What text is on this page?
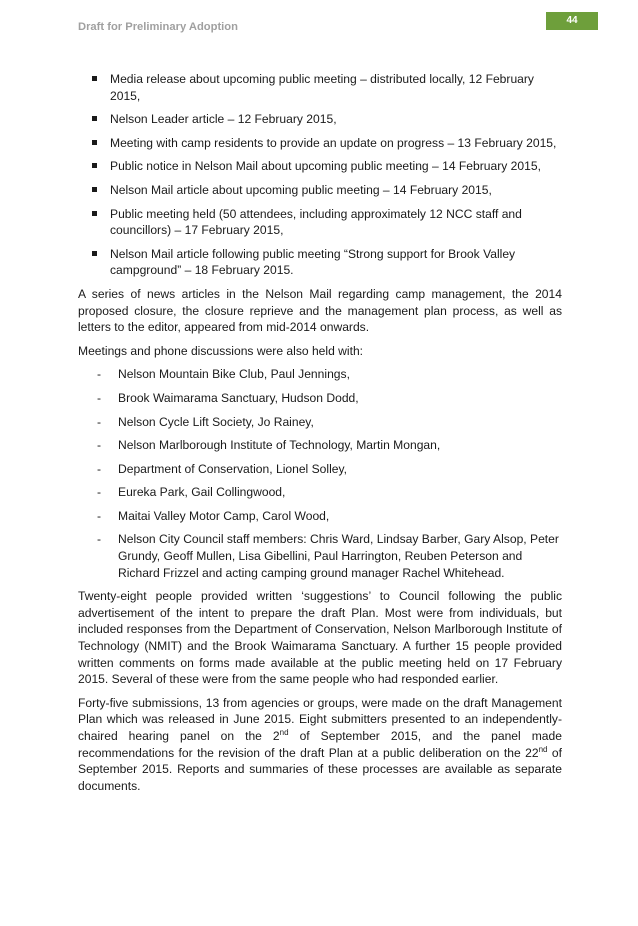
Draft for Preliminary Adoption
44
Media release about upcoming public meeting – distributed locally, 12 February 2015,
Nelson Leader article – 12 February 2015,
Meeting with camp residents to provide an update on progress – 13 February 2015,
Public notice in Nelson Mail about upcoming public meeting – 14 February 2015,
Nelson Mail article about upcoming public meeting – 14 February 2015,
Public meeting held (50 attendees, including approximately 12 NCC staff and councillors) – 17 February 2015,
Nelson Mail article following public meeting “Strong support for Brook Valley campground” – 18 February 2015.

A series of news articles in the Nelson Mail regarding camp management, the 2014 proposed closure, the closure reprieve and the management plan process, as well as letters to the editor, appeared from mid-2014 onwards.

Meetings and phone discussions were also held with:

- Nelson Mountain Bike Club, Paul Jennings,
- Brook Waimarama Sanctuary, Hudson Dodd,
- Nelson Cycle Lift Society, Jo Rainey,
- Nelson Marlborough Institute of Technology, Martin Mongan,
- Department of Conservation, Lionel Solley,
- Eureka Park, Gail Collingwood,
- Maitai Valley Motor Camp, Carol Wood,
- Nelson City Council staff members: Chris Ward, Lindsay Barber, Gary Alsop, Peter Grundy, Geoff Mullen, Lisa Gibellini, Paul Harrington, Reuben Peterson and Richard Frizzel and acting camping ground manager Rachel Whitehead.

Twenty-eight people provided written ‘suggestions’ to Council following the public advertisement of the intent to prepare the draft Plan. Most were from individuals, but included responses from the Department of Conservation, Nelson Marlborough Institute of Technology (NMIT) and the Brook Waimarama Sanctuary. A further 15 people provided written comments on forms made available at the public meeting held on 17 February 2015. Several of these were from the same people who had responded earlier.

Forty-five submissions, 13 from agencies or groups, were made on the draft Management Plan which was released in June 2015. Eight submitters presented to an independently-chaired hearing panel on the 2nd of September 2015, and the panel made recommendations for the revision of the draft Plan at a public deliberation on the 22nd of September 2015. Reports and summaries of these processes are available as separate documents.
